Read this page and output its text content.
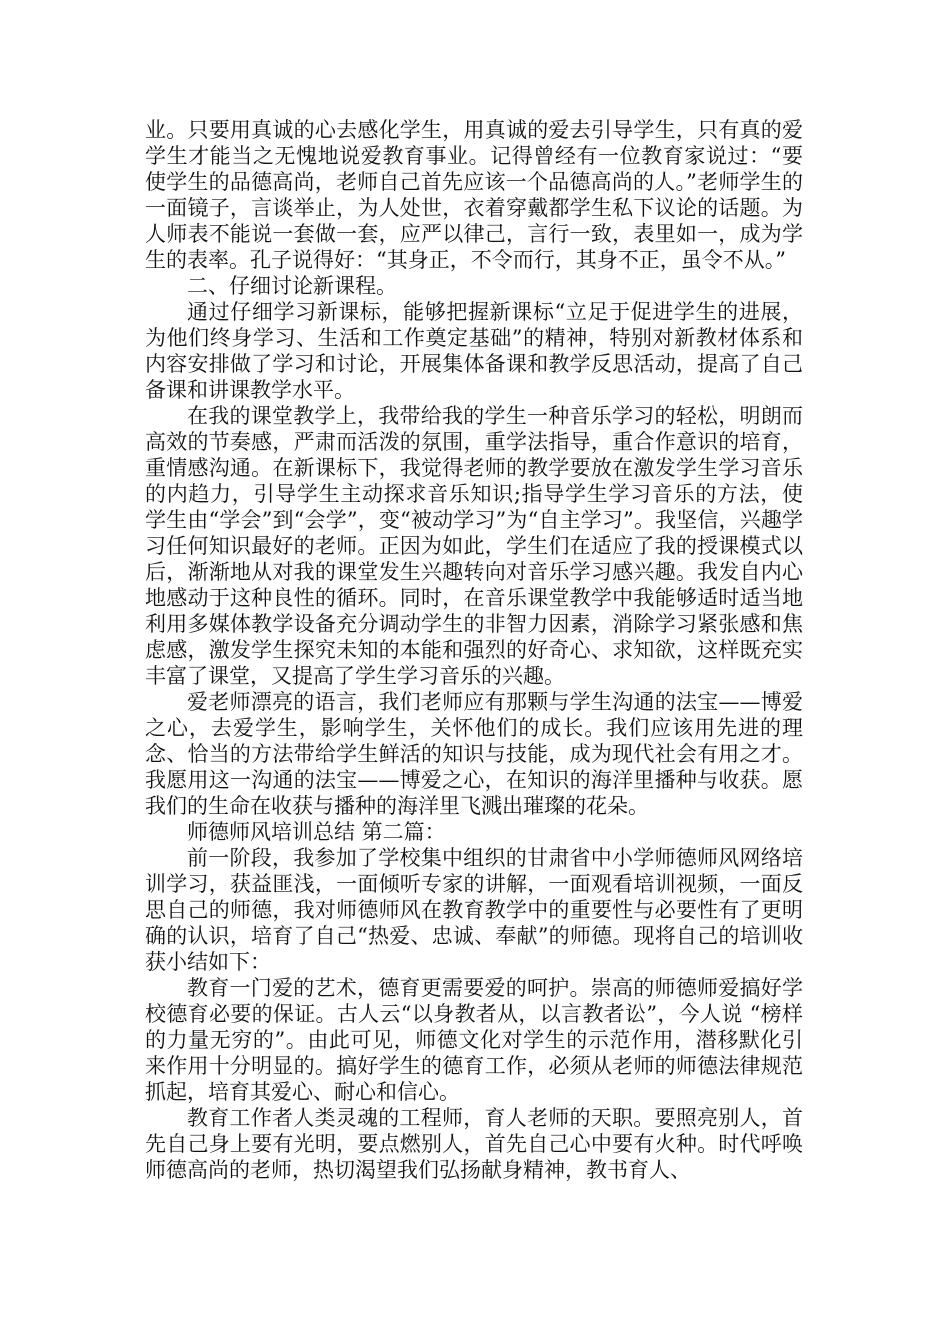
业。只要用真诚的心去感化学生，用真诚的爱去引导学生，只有真的爱学生才能当之无愧地说爱教育事业。记得曾经有一位教育家说过：“要使学生的品德高尚，老师自己首先应该一个品德高尚的人。”老师学生的一面镜子，言谈举止，为人处世，衣着穿戴都学生私下议论的话题。为人师表不能说一套做一套，应严以律己，言行一致，表里如一，成为学生的表率。孔子说得好：“其身正，不令而行，其身不正，虽令不从。”

二、仔细讨论新课程。

通过仔细学习新课标，能够把握新课标“立足于促进学生的进展，为他们终身学习、生活和工作奠定基础”的精神，特别对新教材体系和内容安排做了学习和讨论，开展集体备课和教学反思活动，提高了自己备课和讲课教学水平。

在我的课堂教学上，我带给我的学生一种音乐学习的轻松，明朗而高效的节奏感，严肃而活泼的氛围，重学法指导，重合作意识的培育，重情感沟通。在新课标下，我觉得老师的教学要放在激发学生学习音乐的内趋力，引导学生主动探求音乐知识;指导学生学习音乐的方法，使学生由“学会”到“会学”，变“被动学习”为“自主学习”。我坚信，兴趣学习任何知识最好的老师。正因为如此，学生们在适应了我的授课模式以后，渐渐地从对我的课堂发生兴趣转向对音乐学习感兴趣。我发自内心地感动于这种良性的循环。同时，在音乐课堂教学中我能够适时适当地利用多媒体教学设备充分调动学生的非智力因素，消除学习紧张感和焦虑感，激发学生探究未知的本能和强烈的好奇心、求知欲，这样既充实丰富了课堂，又提高了学生学习音乐的兴趣。

爱老师漂亮的语言，我们老师应有那颗与学生沟通的法宝——博爱之心，去爱学生，影响学生，关怀他们的成长。我们应该用先进的理念、恰当的方法带给学生鲜活的知识与技能，成为现代社会有用之才。我愿用这一沟通的法宝——博爱之心，在知识的海洋里播种与收获。愿我们的生命在收获与播种的海洋里飞溅出璀璨的花朵。

师德师风培训总结 第二篇：

前一阶段，我参加了学校集中组织的甘肃省中小学师德师风网络培训学习，获益匪浅，一面倾听专家的讲解，一面观看培训视频，一面反思自己的师德，我对师德师风在教育教学中的重要性与必要性有了更明确的认识，培育了自己“热爱、忠诚、奉献”的师德。现将自己的培训收获小结如下：

教育一门爱的艺术，德育更需要爱的呵护。崇高的师德师爱搞好学校德育必要的保证。古人云“以身教者从，以言教者讼”，今人说 “榜样的力量无穷的”。由此可见，师德文化对学生的示范作用，潜移默化引来作用十分明显的。搞好学生的德育工作，必须从老师的师德法律规范抓起，培育其爱心、耐心和信心。

教育工作者人类灵魂的工程师，育人老师的天职。要照亮别人，首先自己身上要有光明，要点燃别人，首先自己心中要有火种。时代呼唤师德高尚的老师，热切渴望我们弘扬献身精神，教书育人、
